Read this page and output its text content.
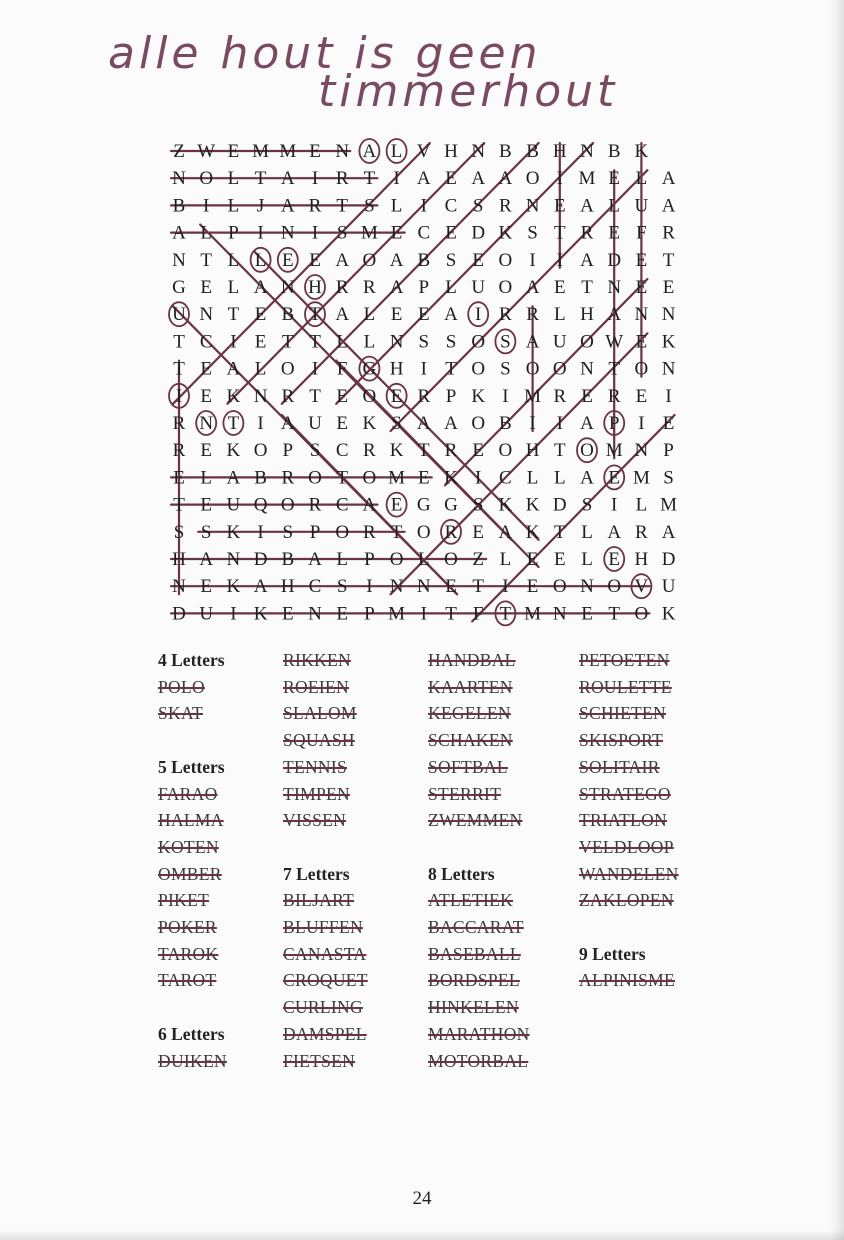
alle hout is geen
timmerhout
Z W E M M E N A L V H N B B H N B K
N O L T A I R T I A E A A O I M E L A
B I L J A R T S L I C S R N E A L U A
A L P I N I S M E C E D K S T R E F R
N T L L E E A O A B S E O I I A D E T
G E L A N H R R A P L U O A E T N E E
U N T E B T A L E E A I R R L H A N N
T C I E T T L L N S S O S A U O W E K
T E A L O I F G H I T O S O O N T O N
I E K N R T E O E R P K I M R E R E I
R N T I A U E K S A A O B I I A P I E
R E K O P S C R K T R E O H T O M N P
E L A B R O T O M E K I C L L A E M S
T E U Q O R C A E G G S K K D S I L M
S S K I S P O R T O R E A K T L A R A
H A N D B A L P O L O Z L E E L E H D
N E K A H C S I N N E T I E O N O V U
D U I K E N E P M I T F T M N E T O K
4 Letters
POLO
SKAT
5 Letters
FARAO
HALMA
KOTEN
OMBER
PIKET
POKER
TAROK
TAROT
6 Letters
DUIKEN
RIKKEN
ROEIEN
SLALOM
SQUASH
TENNIS
TIMPEN
VISSEN
7 Letters
BILJART
BLUFFEN
CANASTA
CROQUET
CURLING
DAMSPEL
FIETSEN
HANDBAL
KAARTEN
KEGELEN
SCHAKEN
SOFTBAL
STERRIT
ZWEMMEN
8 Letters
ATLETIEK
BACCARAT
BASEBALL
BORDSPEL
HINKELEN
MARATHON
MOTORBAL
PETOETEN
ROULETTE
SCHIETEN
SKISPORT
SOLITAIR
STRATEGO
TRIATLON
VELDLOOP
WANDELEN
ZAKLOPEN
9 Letters
ALPINISME
24
